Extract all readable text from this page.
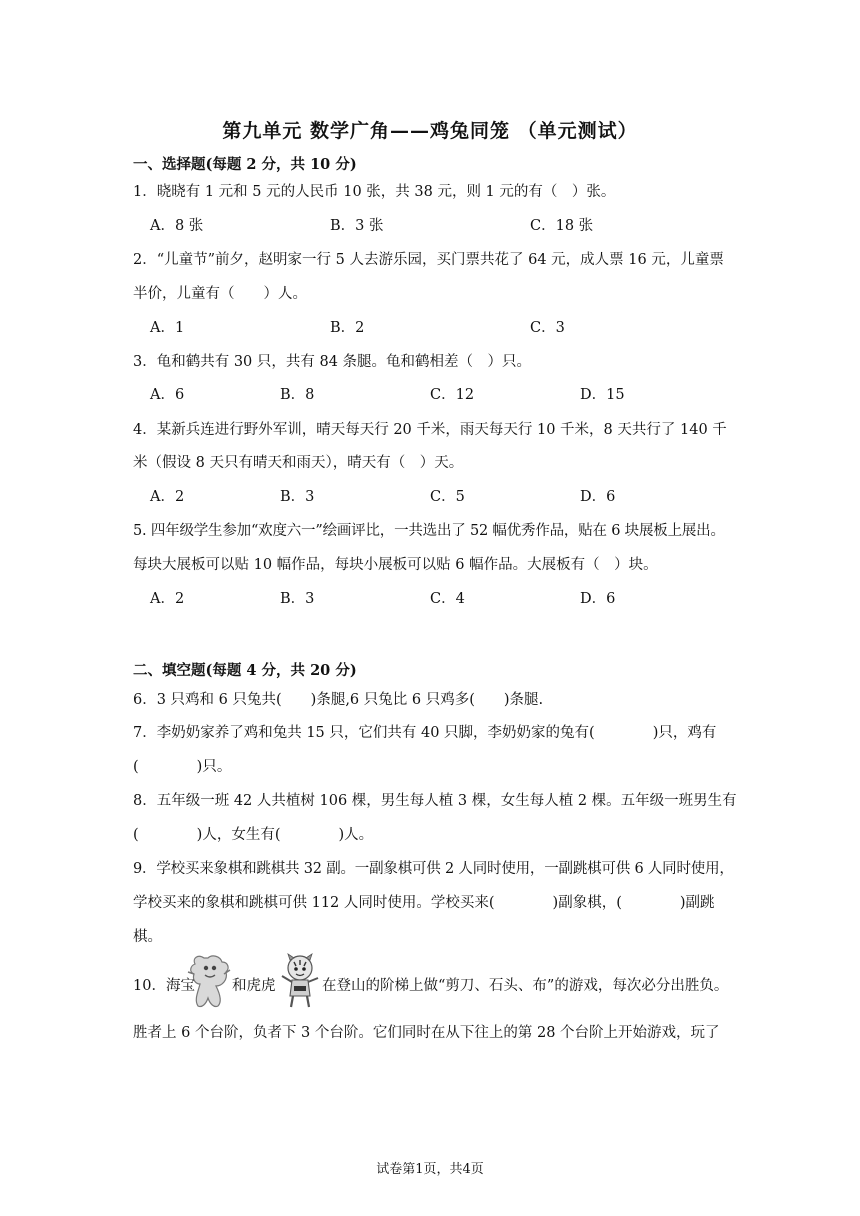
第九单元 数学广角——鸡兔同笼 （单元测试）
一、选择题(每题 2 分，共 10 分)
1．晓晓有 1 元和 5 元的人民币 10 张，共 38 元，则 1 元的有（　）张。
A．8 张	B．3 张	C．18 张
2．“儿童节”前夕，赵明家一行 5 人去游乐园，买门票共花了 64 元，成人票 16 元，儿童票
半价，儿童有（　　）人。
A．1	B．2	C．3
3．龟和鹤共有 30 只，共有 84 条腿。龟和鹤相差（　）只。
A．6	B．8	C．12	D．15
4．某新兵连进行野外军训，晴天每天行 20 千米，雨天每天行 10 千米，8 天共行了 140 千
米（假设 8 天只有晴天和雨天），晴天有（　）天。
A．2	B．3	C．5	D．6
5. 四年级学生参加“欢度六一”绘画评比，一共选出了 52 幅优秀作品，贴在 6 块展板上展出。
每块大展板可以贴 10 幅作品，每块小展板可以贴 6 幅作品。大展板有（　）块。
A．2	B．3	C．4	D．6
二、填空题(每题 4 分，共 20 分)
6．3 只鸡和 6 只兔共(　　)条腿,6 只兔比 6 只鸡多(　　)条腿.
7．李奶奶家养了鸡和兔共 15 只，它们共有 40 只脚，李奶奶家的兔有(　　　　)只，鸡有
(　　　　)只。
8．五年级一班 42 人共植树 106 棵，男生每人植 3 棵，女生每人植 2 棵。五年级一班男生有
(　　　　)人，女生有(　　　　)人。
9．学校买来象棋和跳棋共 32 副。一副象棋可供 2 人同时使用，一副跳棋可供 6 人同时使用，
学校买来的象棋和跳棋可供 112 人同时使用。学校买来(　　　　)副象棋，(　　　　)副跳
棋。
10．海宝	和虎虎	在登山的阶梯上做“剪刀、石头、布”的游戏，每次必分出胜负。
胜者上 6 个台阶，负者下 3 个台阶。它们同时在从下往上的第 28 个台阶上开始游戏，玩了
试卷第1页，共4页
